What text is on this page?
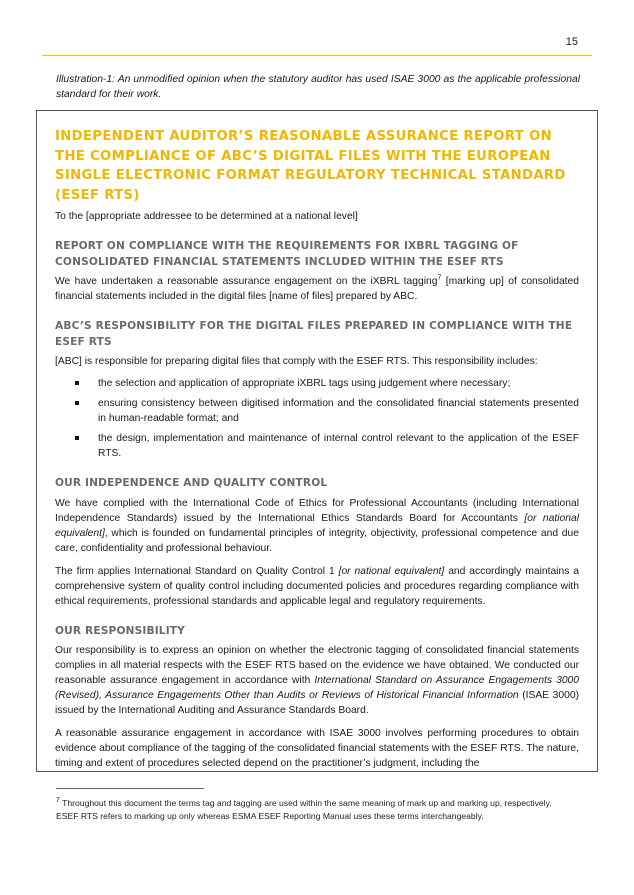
15

Illustration-1: An unmodified opinion when the statutory auditor has used ISAE 3000 as the applicable professional standard for their work.

INDEPENDENT AUDITOR’S REASONABLE ASSURANCE REPORT ON THE COMPLIANCE OF ABC’S DIGITAL FILES WITH THE EUROPEAN SINGLE ELECTRONIC FORMAT REGULATORY TECHNICAL STANDARD (ESEF RTS)

To the [appropriate addressee to be determined at a national level]

REPORT ON COMPLIANCE WITH THE REQUIREMENTS FOR IXBRL TAGGING OF CONSOLIDATED FINANCIAL STATEMENTS INCLUDED WITHIN THE ESEF RTS

We have undertaken a reasonable assurance engagement on the iXBRL tagging$^7$ [marking up] of consolidated financial statements included in the digital files [name of files] prepared by ABC.

ABC’S RESPONSIBILITY FOR THE DIGITAL FILES PREPARED IN COMPLIANCE WITH THE ESEF RTS

[ABC] is responsible for preparing digital files that comply with the ESEF RTS. This responsibility includes:

the selection and application of appropriate iXBRL tags using judgement where necessary;
ensuring consistency between digitised information and the consolidated financial statements presented in human-readable format; and
the design, implementation and maintenance of internal control relevant to the application of the ESEF RTS.
OUR INDEPENDENCE AND QUALITY CONTROL

We have complied with the International Code of Ethics for Professional Accountants (including International Independence Standards) issued by the International Ethics Standards Board for Accountants [or national equivalent], which is founded on fundamental principles of integrity, objectivity, professional competence and due care, confidentiality and professional behaviour.

The firm applies International Standard on Quality Control 1 [or national equivalent] and accordingly maintains a comprehensive system of quality control including documented policies and procedures regarding compliance with ethical requirements, professional standards and applicable legal and regulatory requirements.

OUR RESPONSIBILITY

Our responsibility is to express an opinion on whether the electronic tagging of consolidated financial statements complies in all material respects with the ESEF RTS based on the evidence we have obtained. We conducted our reasonable assurance engagement in accordance with International Standard on Assurance Engagements 3000 (Revised), Assurance Engagements Other than Audits or Reviews of Historical Financial Information (ISAE 3000) issued by the International Auditing and Assurance Standards Board.

A reasonable assurance engagement in accordance with ISAE 3000 involves performing procedures to obtain evidence about compliance of the tagging of the consolidated financial statements with the ESEF RTS. The nature, timing and extent of procedures selected depend on the practitioner’s judgment, including the

$^7$ Throughout this document the terms tag and tagging are used within the same meaning of mark up and marking up, respectively. ESEF RTS refers to marking up only whereas ESMA ESEF Reporting Manual uses these terms interchangeably.
